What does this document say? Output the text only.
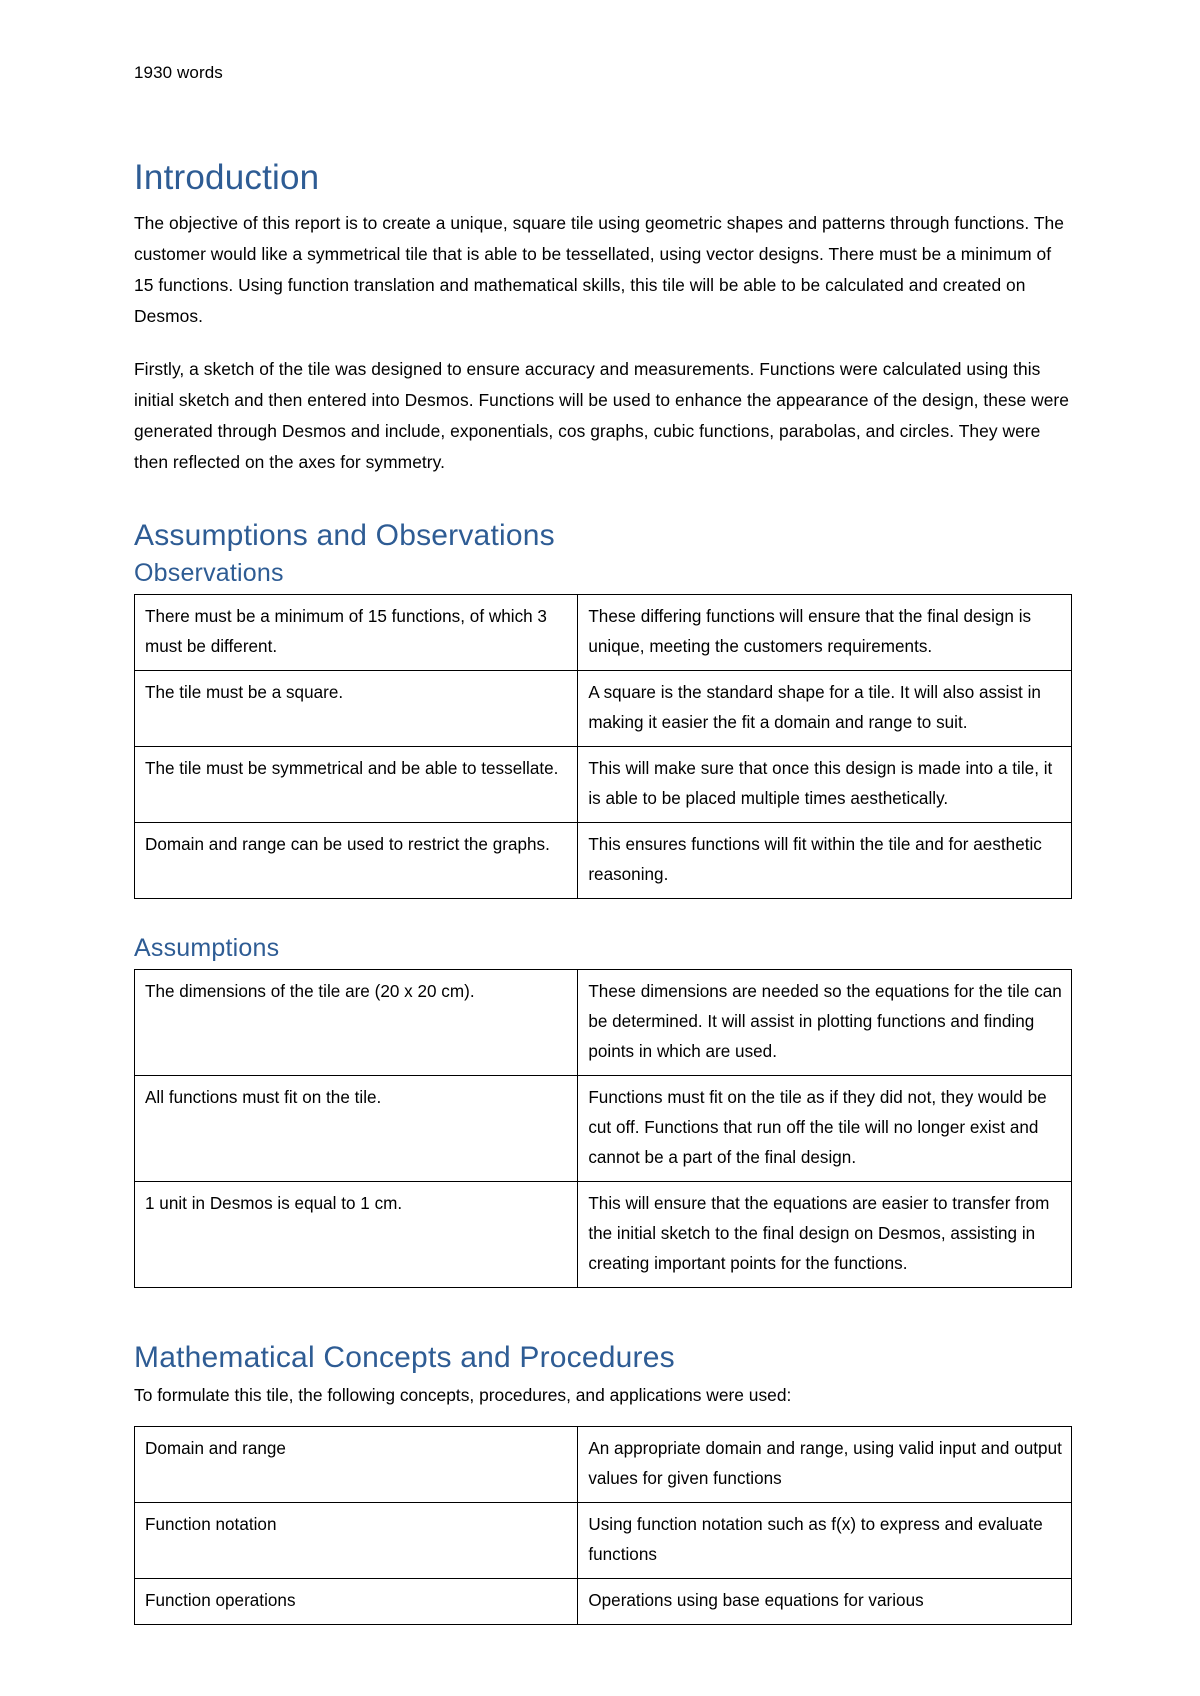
1930 words
Introduction

The objective of this report is to create a unique, square tile using geometric shapes and patterns through functions. The customer would like a symmetrical tile that is able to be tessellated, using vector designs. There must be a minimum of 15 functions. Using function translation and mathematical skills, this tile will be able to be calculated and created on Desmos.

Firstly, a sketch of the tile was designed to ensure accuracy and measurements. Functions were calculated using this initial sketch and then entered into Desmos. Functions will be used to enhance the appearance of the design, these were generated through Desmos and include, exponentials, cos graphs, cubic functions, parabolas, and circles. They were then reflected on the axes for symmetry.

Assumptions and Observations
Observations
There must be a minimum of 15 functions, of which 3 must be different.	These differing functions will ensure that the final design is unique, meeting the customers requirements.
The tile must be a square.	A square is the standard shape for a tile. It will also assist in making it easier the fit a domain and range to suit.
The tile must be symmetrical and be able to tessellate.	This will make sure that once this design is made into a tile, it is able to be placed multiple times aesthetically.
Domain and range can be used to restrict the graphs.	This ensures functions will fit within the tile and for aesthetic reasoning.
Assumptions
The dimensions of the tile are (20 x 20 cm).	These dimensions are needed so the equations for the tile can be determined. It will assist in plotting functions and finding points in which are used.
All functions must fit on the tile.	Functions must fit on the tile as if they did not, they would be cut off. Functions that run off the tile will no longer exist and cannot be a part of the final design.
1 unit in Desmos is equal to 1 cm.	This will ensure that the equations are easier to transfer from the initial sketch to the final design on Desmos, assisting in creating important points for the functions.
Mathematical Concepts and Procedures

To formulate this tile, the following concepts, procedures, and applications were used:

Domain and range	An appropriate domain and range, using valid input and output values for given functions
Function notation	Using function notation such as f(x) to express and evaluate functions
Function operations	Operations using base equations for various
